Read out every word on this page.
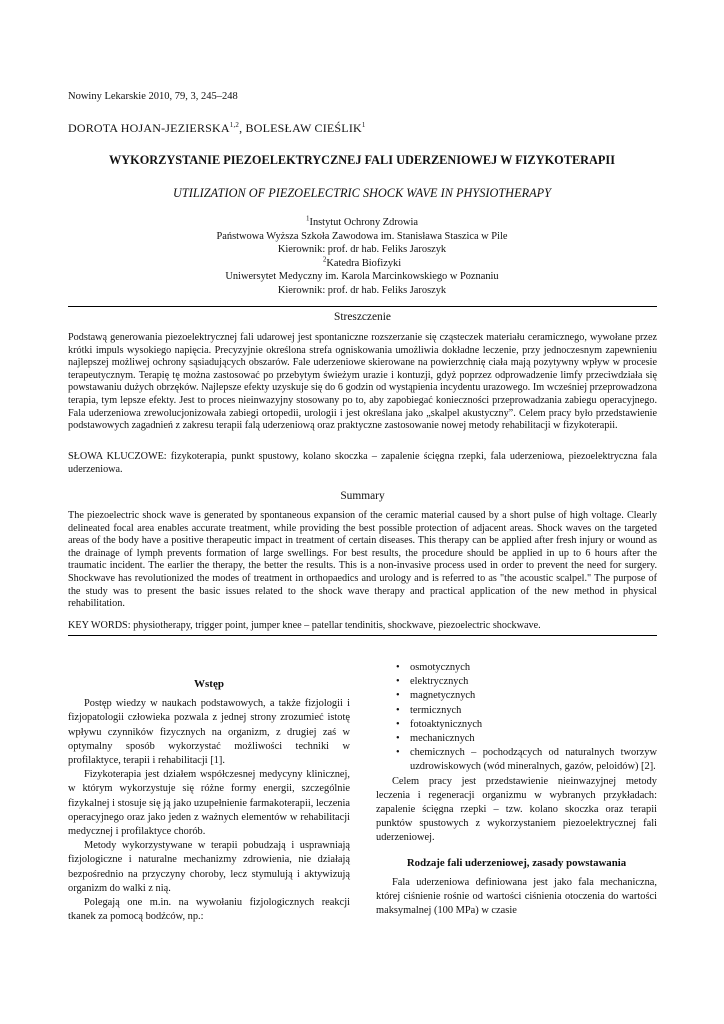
Nowiny Lekarskie 2010, 79, 3, 245–248
DOROTA HOJAN-JEZIERSKA$^{1,2}$, BOLESŁAW CIEŚLIK$^1$
WYKORZYSTANIE PIEZOELEKTRYCZNEJ FALI UDERZENIOWEJ W FIZYKOTERAPII
UTILIZATION OF PIEZOELECTRIC SHOCK WAVE IN PHYSIOTHERAPY
$^1$Instytut Ochrony Zdrowia
Państwowa Wyższa Szkoła Zawodowa im. Stanisława Staszica w Pile
Kierownik: prof. dr hab. Feliks Jaroszyk
$^2$Katedra Biofizyki
Uniwersytet Medyczny im. Karola Marcinkowskiego w Poznaniu
Kierownik: prof. dr hab. Feliks Jaroszyk
Streszczenie
Podstawą generowania piezoelektrycznej fali udarowej jest spontaniczne rozszerzanie się cząsteczek materiału ceramicznego, wywołane przez krótki impuls wysokiego napięcia. Precyzyjnie określona strefa ogniskowania umożliwia dokładne leczenie, przy jednoczesnym zapewnieniu najlepszej możliwej ochrony sąsiadujących obszarów. Fale uderzeniowe skierowane na powierzchnię ciała mają pozytywny wpływ w procesie terapeutycznym. Terapię tę można zastosować po przebytym świeżym urazie i kontuzji, gdyż poprzez odprowadzenie limfy przeciwdziała się powstawaniu dużych obrzęków. Najlepsze efekty uzyskuje się do 6 godzin od wystąpienia incydentu urazowego. Im wcześniej przeprowadzona terapia, tym lepsze efekty. Jest to proces nieinwazyjny stosowany po to, aby zapobiegać konieczności przeprowadzania zabiegu operacyjnego. Fala uderzeniowa zrewolucjonizowała zabiegi ortopedii, urologii i jest określana jako „skalpel akustyczny”. Celem pracy było przedstawienie podstawowych zagadnień z zakresu terapii falą uderzeniową oraz praktyczne zastosowanie nowej metody rehabilitacji w fizykoterapii.
SŁOWA KLUCZOWE: fizykoterapia, punkt spustowy, kolano skoczka – zapalenie ścięgna rzepki, fala uderzeniowa, piezoelektryczna fala uderzeniowa.
Summary
The piezoelectric shock wave is generated by spontaneous expansion of the ceramic material caused by a short pulse of high voltage. Clearly delineated focal area enables accurate treatment, while providing the best possible protection of adjacent areas. Shock waves on the targeted areas of the body have a positive therapeutic impact in treatment of certain diseases. This therapy can be applied after fresh injury or wound as the drainage of lymph prevents formation of large swellings. For best results, the procedure should be applied in up to 6 hours after the traumatic incident. The earlier the therapy, the better the results. This is a non-invasive process used in order to prevent the need for surgery. Shockwave has revolutionized the modes of treatment in orthopaedics and urology and is referred to as "the acoustic scalpel." The purpose of the study was to present the basic issues related to the shock wave therapy and practical application of the new method in physical rehabilitation.
KEY WORDS: physiotherapy, trigger point, jumper knee – patellar tendinitis, shockwave, piezoelectric shockwave.
Wstęp

Postęp wiedzy w naukach podstawowych, a także fizjologii i fizjopatologii człowieka pozwala z jednej strony zrozumieć istotę wpływu czynników fizycznych na organizm, z drugiej zaś w optymalny sposób wykorzystać możliwości techniki w profilaktyce, terapii i rehabilitacji [1].

Fizykoterapia jest działem współczesnej medycyny klinicznej, w którym wykorzystuje się różne formy energii, szczególnie fizykalnej i stosuje się ją jako uzupełnienie farmakoterapii, leczenia operacyjnego oraz jako jeden z ważnych elementów w rehabilitacji medycznej i profilaktyce chorób.

Metody wykorzystywane w terapii pobudzają i usprawniają fizjologiczne i naturalne mechanizmy zdrowienia, nie działają bezpośrednio na przyczyny choroby, lecz stymulują i aktywizują organizm do walki z nią.

Polegają one m.in. na wywołaniu fizjologicznych reakcji tkanek za pomocą bodźców, np.:

• osmotycznych
• elektrycznych
• magnetycznych
• termicznych
• fotoaktynicznych
• mechanicznych
• chemicznych – pochodzących od naturalnych tworzyw uzdrowiskowych (wód mineralnych, gazów, peloidów) [2].

Celem pracy jest przedstawienie nieinwazyjnej metody leczenia i regeneracji organizmu w wybranych przykładach: zapalenie ścięgna rzepki – tzw. kolano skoczka oraz terapii punktów spustowych z wykorzystaniem piezoelektrycznej fali uderzeniowej.

Rodzaje fali uderzeniowej, zasady powstawania

Fala uderzeniowa definiowana jest jako fala mechaniczna, której ciśnienie rośnie od wartości ciśnienia otoczenia do wartości maksymalnej (100 MPa) w czasie
